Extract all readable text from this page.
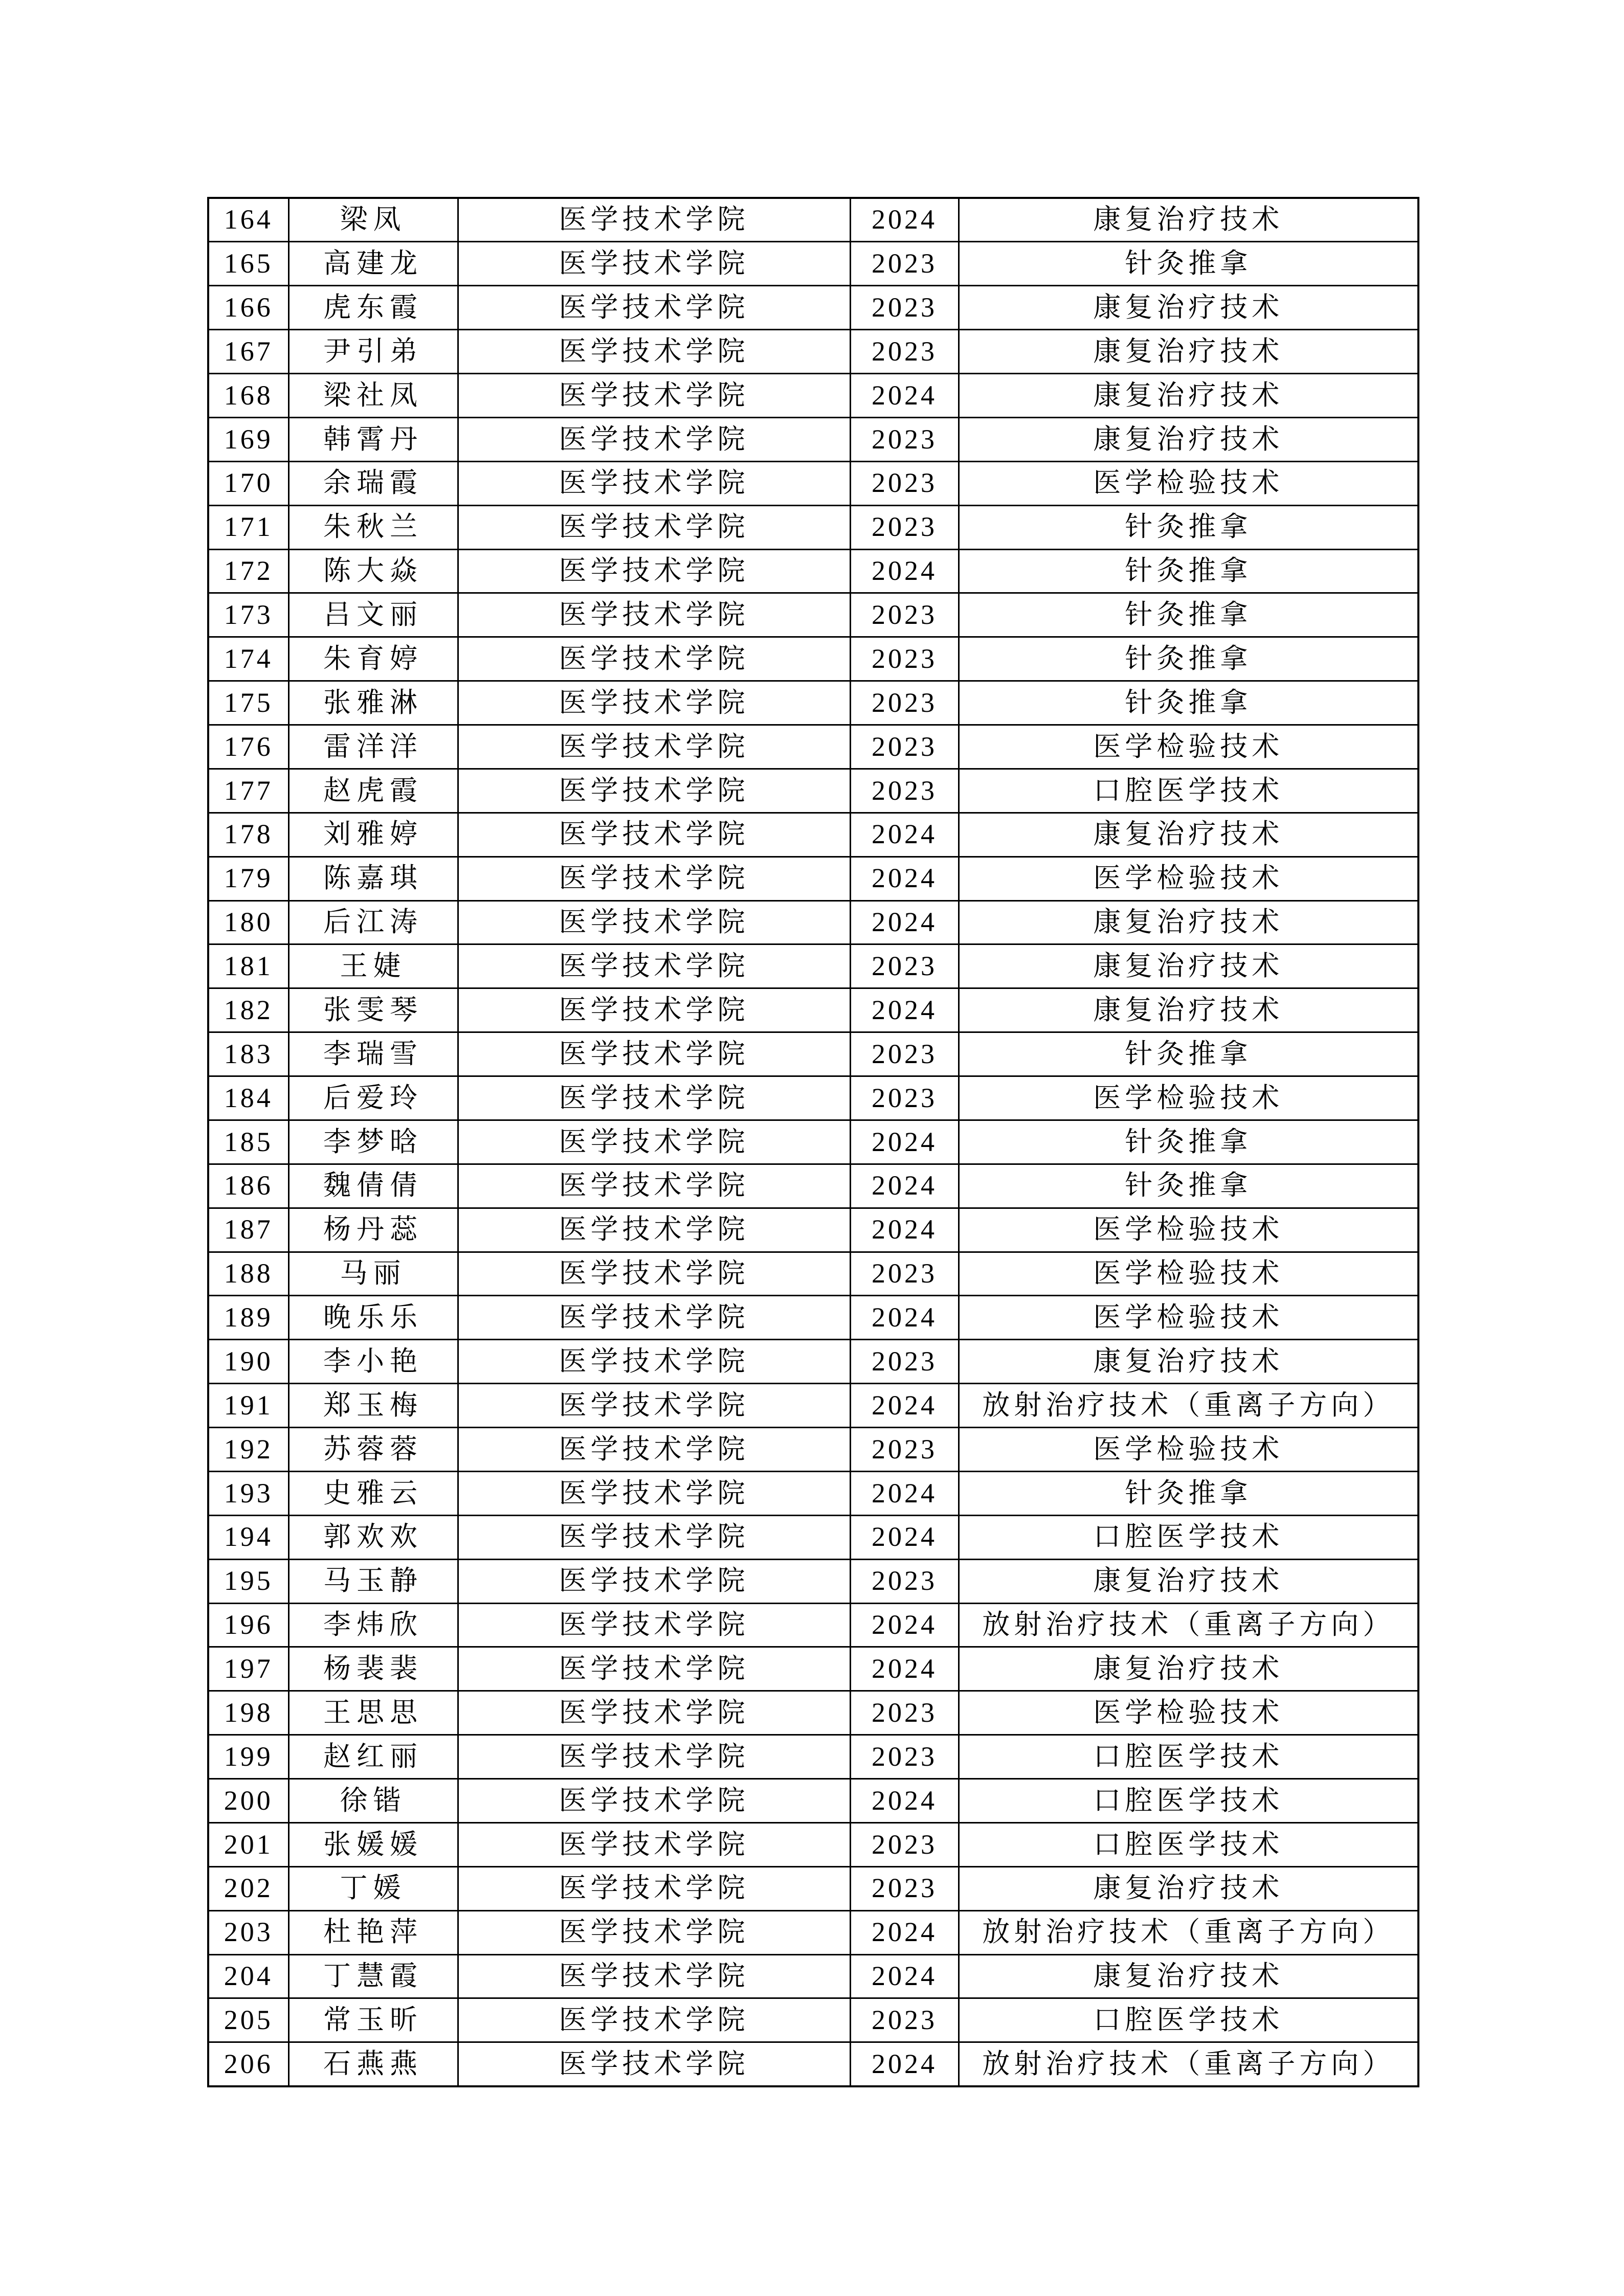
164	梁凤	医学技术学院	2024	康复治疗技术
165	高建龙	医学技术学院	2023	针灸推拿
166	虎东霞	医学技术学院	2023	康复治疗技术
167	尹引弟	医学技术学院	2023	康复治疗技术
168	梁社凤	医学技术学院	2024	康复治疗技术
169	韩霄丹	医学技术学院	2023	康复治疗技术
170	余瑞霞	医学技术学院	2023	医学检验技术
171	朱秋兰	医学技术学院	2023	针灸推拿
172	陈大焱	医学技术学院	2024	针灸推拿
173	吕文丽	医学技术学院	2023	针灸推拿
174	朱育婷	医学技术学院	2023	针灸推拿
175	张雅淋	医学技术学院	2023	针灸推拿
176	雷洋洋	医学技术学院	2023	医学检验技术
177	赵虎霞	医学技术学院	2023	口腔医学技术
178	刘雅婷	医学技术学院	2024	康复治疗技术
179	陈嘉琪	医学技术学院	2024	医学检验技术
180	后江涛	医学技术学院	2024	康复治疗技术
181	王婕	医学技术学院	2023	康复治疗技术
182	张雯琴	医学技术学院	2024	康复治疗技术
183	李瑞雪	医学技术学院	2023	针灸推拿
184	后爱玲	医学技术学院	2023	医学检验技术
185	李梦晗	医学技术学院	2024	针灸推拿
186	魏倩倩	医学技术学院	2024	针灸推拿
187	杨丹蕊	医学技术学院	2024	医学检验技术
188	马丽	医学技术学院	2023	医学检验技术
189	晚乐乐	医学技术学院	2024	医学检验技术
190	李小艳	医学技术学院	2023	康复治疗技术
191	郑玉梅	医学技术学院	2024	放射治疗技术（重离子方向）
192	苏蓉蓉	医学技术学院	2023	医学检验技术
193	史雅云	医学技术学院	2024	针灸推拿
194	郭欢欢	医学技术学院	2024	口腔医学技术
195	马玉静	医学技术学院	2023	康复治疗技术
196	李炜欣	医学技术学院	2024	放射治疗技术（重离子方向）
197	杨裴裴	医学技术学院	2024	康复治疗技术
198	王思思	医学技术学院	2023	医学检验技术
199	赵红丽	医学技术学院	2023	口腔医学技术
200	徐锴	医学技术学院	2024	口腔医学技术
201	张媛媛	医学技术学院	2023	口腔医学技术
202	丁媛	医学技术学院	2023	康复治疗技术
203	杜艳萍	医学技术学院	2024	放射治疗技术（重离子方向）
204	丁慧霞	医学技术学院	2024	康复治疗技术
205	常玉昕	医学技术学院	2023	口腔医学技术
206	石燕燕	医学技术学院	2024	放射治疗技术（重离子方向）
